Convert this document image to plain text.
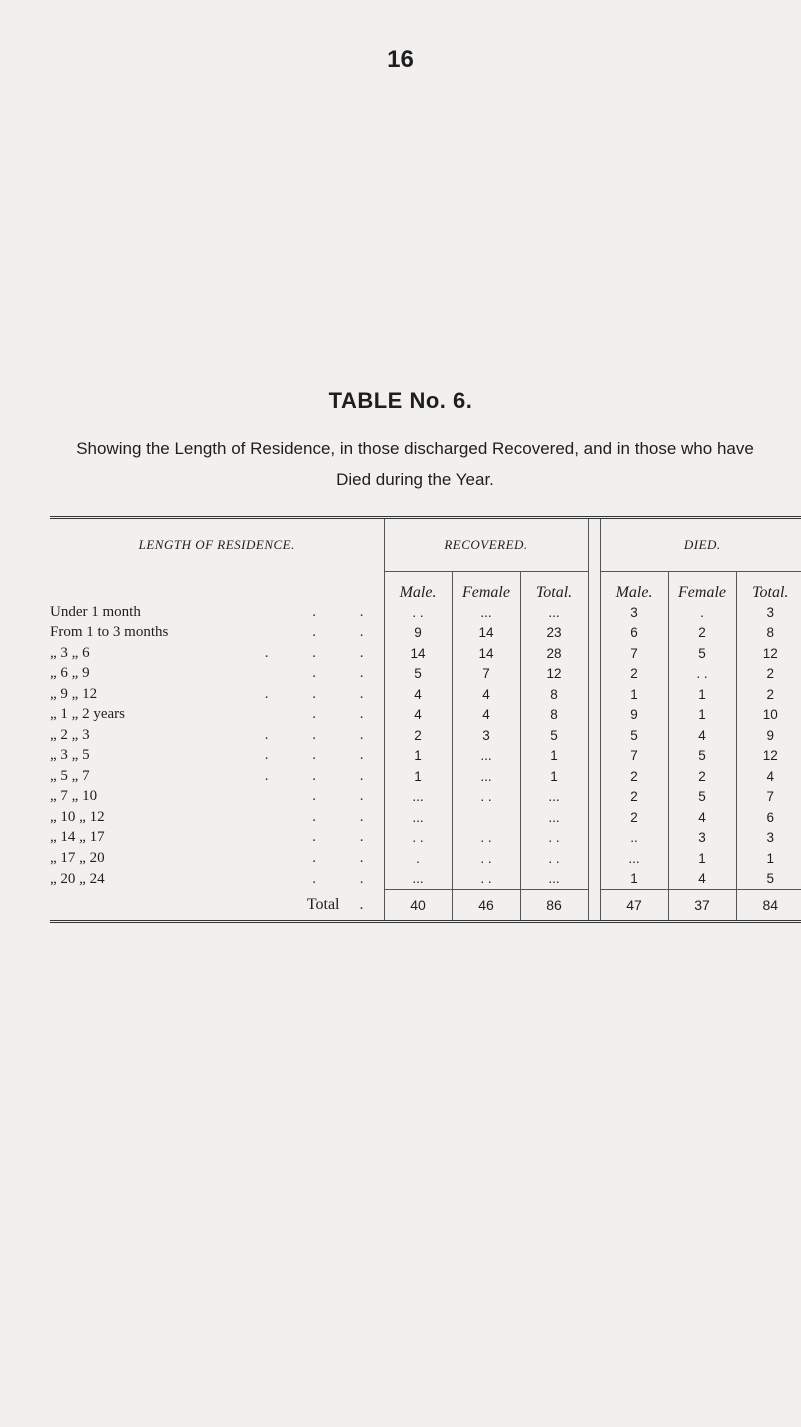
16
TABLE No. 6.
Showing the Length of Residence, in those discharged Recovered, and in those who have Died during the Year.
LENGTH OF RESIDENCE.	RECOVERED.				DIED.		
	Male.	Female	Total.		Male.	Female	Total.
Under 1 month . .	. .	...	...		3	.	3
From 1 to 3 months . .	9	14	23		6	2	8
„ 3 „ 6 . . .	14	14	28		7	5	12
„ 6 „ 9 . .	5	7	12		2	. .	2
„ 9 „ 12 . . .	4	4	8		1	1	2
„ 1 „ 2 years . .	4	4	8		9	1	10
„ 2 „ 3 . . .	2	3	5		5	4	9
„ 3 „ 5 . . .	1	...	1		7	5	12
„ 5 „ 7 . . .	1	...	1		2	2	4
„ 7 „ 10 . .	...	. .	...		2	5	7
„ 10 „ 12 . .	...		...		2	4	6
„ 14 „ 17 . .	. .	. .	. .		..	3	3
„ 17 „ 20 . .	.	. .	. .		...	1	1
„ 20 „ 24 . .	...	. .	...		1	4	5
Total .	40	46	86		47	37	84
